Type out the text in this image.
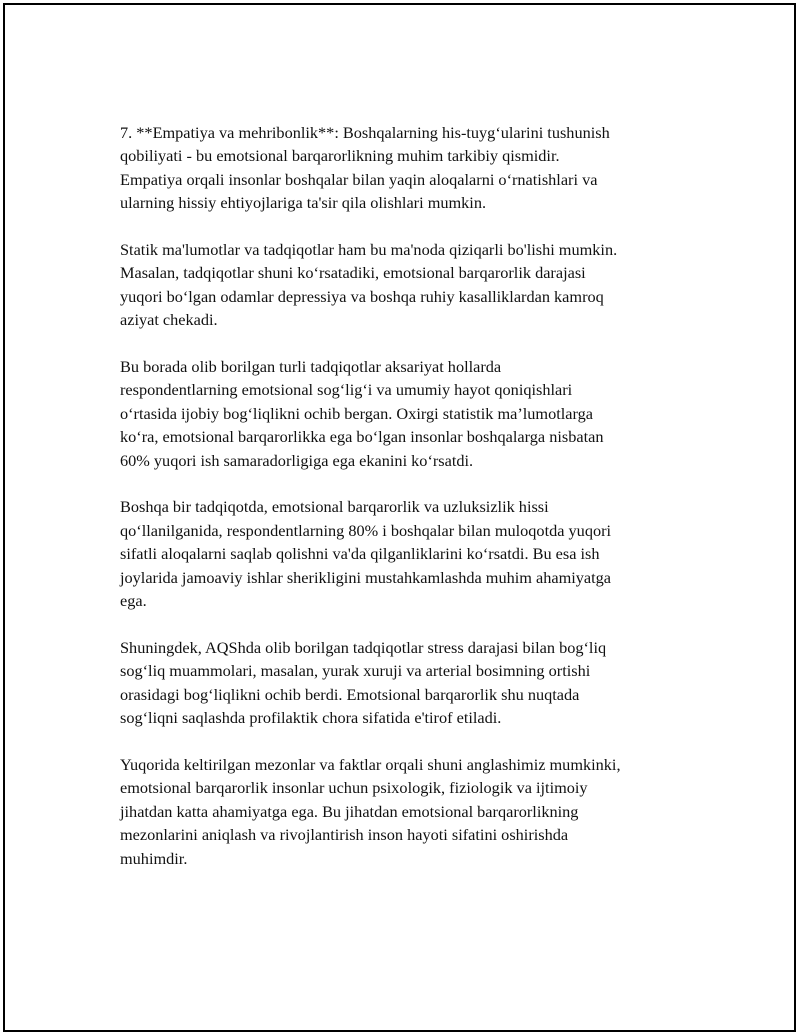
7. **Empatiya va mehribonlik**: Boshqalarning his-tuyg‘ularini tushunish
qobiliyati - bu emotsional barqarorlikning muhim tarkibiy qismidir.
Empatiya orqali insonlar boshqalar bilan yaqin aloqalarni o‘rnatishlari va
ularning hissiy ehtiyojlariga ta'sir qila olishlari mumkin.

Statik ma'lumotlar va tadqiqotlar ham bu ma'noda qiziqarli bo'lishi mumkin.
Masalan, tadqiqotlar shuni ko‘rsatadiki, emotsional barqarorlik darajasi
yuqori bo‘lgan odamlar depressiya va boshqa ruhiy kasalliklardan kamroq
aziyat chekadi.

Bu borada olib borilgan turli tadqiqotlar aksariyat hollarda
respondentlarning emotsional sog‘lig‘i va umumiy hayot qoniqishlari
o‘rtasida ijobiy bog‘liqlikni ochib bergan. Oxirgi statistik ma’lumotlarga
ko‘ra, emotsional barqarorlikka ega bo‘lgan insonlar boshqalarga nisbatan
60% yuqori ish samaradorligiga ega ekanini ko‘rsatdi.

Boshqa bir tadqiqotda, emotsional barqarorlik va uzluksizlik hissi
qo‘llanilganida, respondentlarning 80% i boshqalar bilan muloqotda yuqori
sifatli aloqalarni saqlab qolishni va'da qilganliklarini ko‘rsatdi. Bu esa ish
joylarida jamoaviy ishlar sherikligini mustahkamlashda muhim ahamiyatga
ega.

Shuningdek, AQShda olib borilgan tadqiqotlar stress darajasi bilan bog‘liq
sog‘liq muammolari, masalan, yurak xuruji va arterial bosimning ortishi
orasidagi bog‘liqlikni ochib berdi. Emotsional barqarorlik shu nuqtada
sog‘liqni saqlashda profilaktik chora sifatida e'tirof etiladi.

Yuqorida keltirilgan mezonlar va faktlar orqali shuni anglashimiz mumkinki,
emotsional barqarorlik insonlar uchun psixologik, fiziologik va ijtimoiy
jihatdan katta ahamiyatga ega. Bu jihatdan emotsional barqarorlikning
mezonlarini aniqlash va rivojlantirish inson hayoti sifatini oshirishda
muhimdir.
